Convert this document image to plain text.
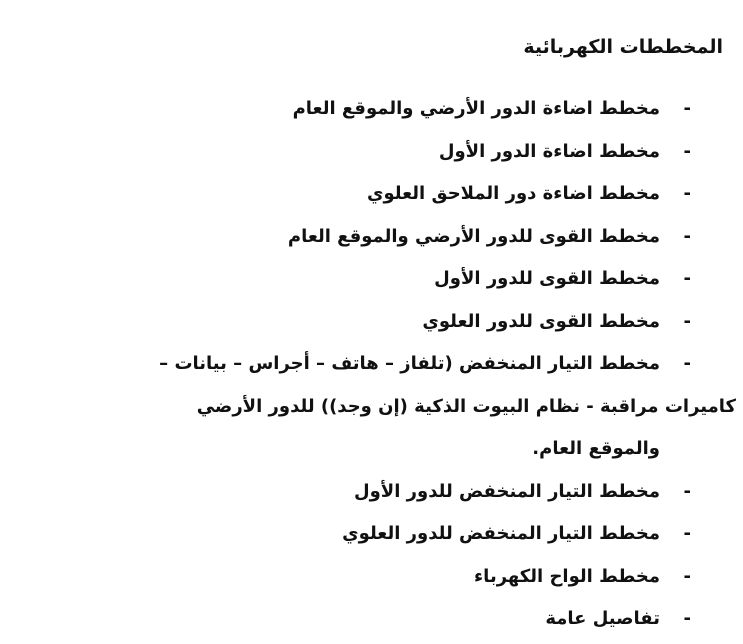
المخططات الكهربائية
-
مخطط اضاءة الدور الأرضي والموقع العام
-
مخطط اضاءة الدور الأول
-
مخطط اضاءة دور الملاحق العلوي
-
مخطط القوى للدور الأرضي والموقع العام
-
مخطط القوى للدور الأول
-
مخطط القوى للدور العلوي
-
مخطط التيار المنخفض (تلفاز – هاتف – أجراس – بيانات –
كاميرات مراقبة - نظام البيوت الذكية (إن وجد)) للدور الأرضي
والموقع العام.
-
مخطط التيار المنخفض للدور الأول
-
مخطط التيار المنخفض للدور العلوي
-
مخطط الواح الكهرباء
-
تفاصيل عامة
